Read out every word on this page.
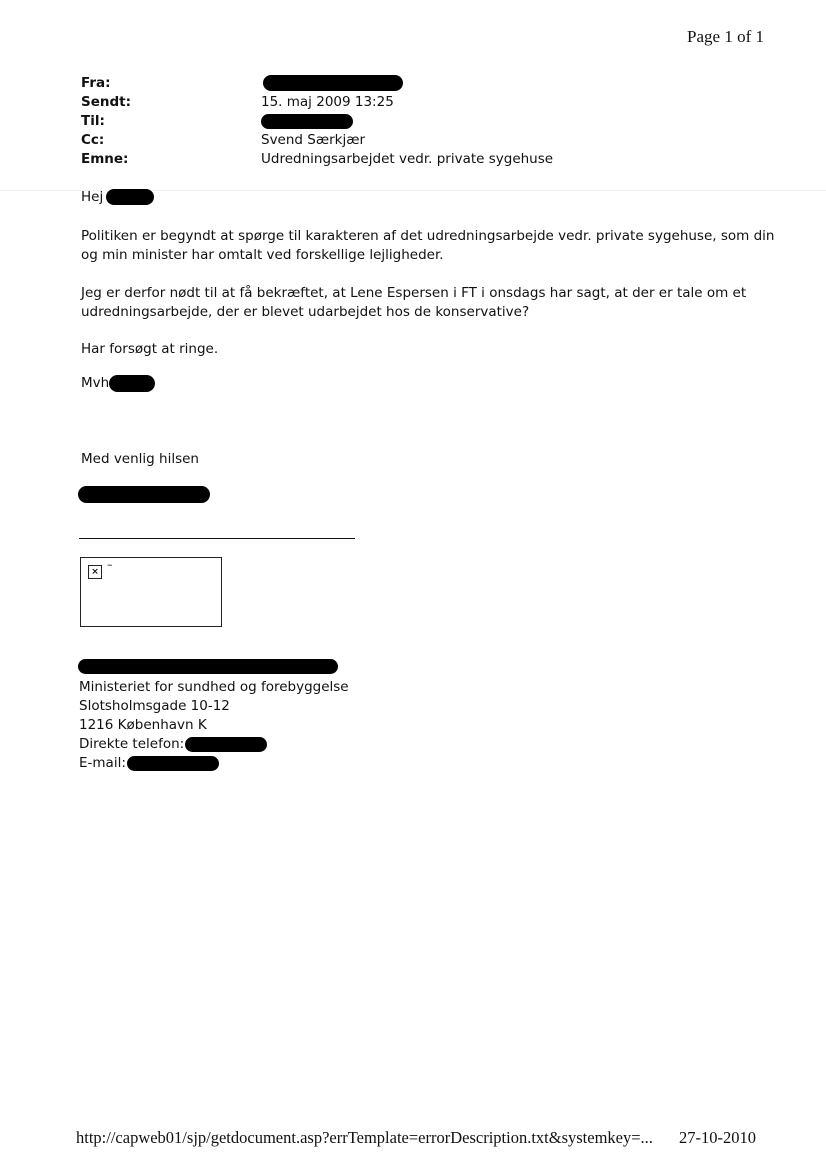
Page 1 of 1
Fra:
Sendt:	15. maj 2009 13:25
Til:
Cc:	Svend Særkjær
Emne:	Udredningsarbejdet vedr. private sygehuse
Hej
Politiken er begyndt at spørge til karakteren af det udredningsarbejde vedr. private sygehuse, som din og min minister har omtalt ved forskellige lejligheder.
Jeg er derfor nødt til at få bekræftet, at Lene Espersen i FT i onsdags har sagt, at der er tale om et udredningsarbejde, der er blevet udarbejdet hos de konservative?
Har forsøgt at ringe.
Mvh
Med venlig hilsen
×
–
Ministeriet for sundhed og forebyggelse
Slotsholmsgade 10-12
1216 København K
Direkte telefon:
E-mail:
http://capweb01/sjp/getdocument.asp?errTemplate=errorDescription.txt&systemkey=... 27-10-2010
